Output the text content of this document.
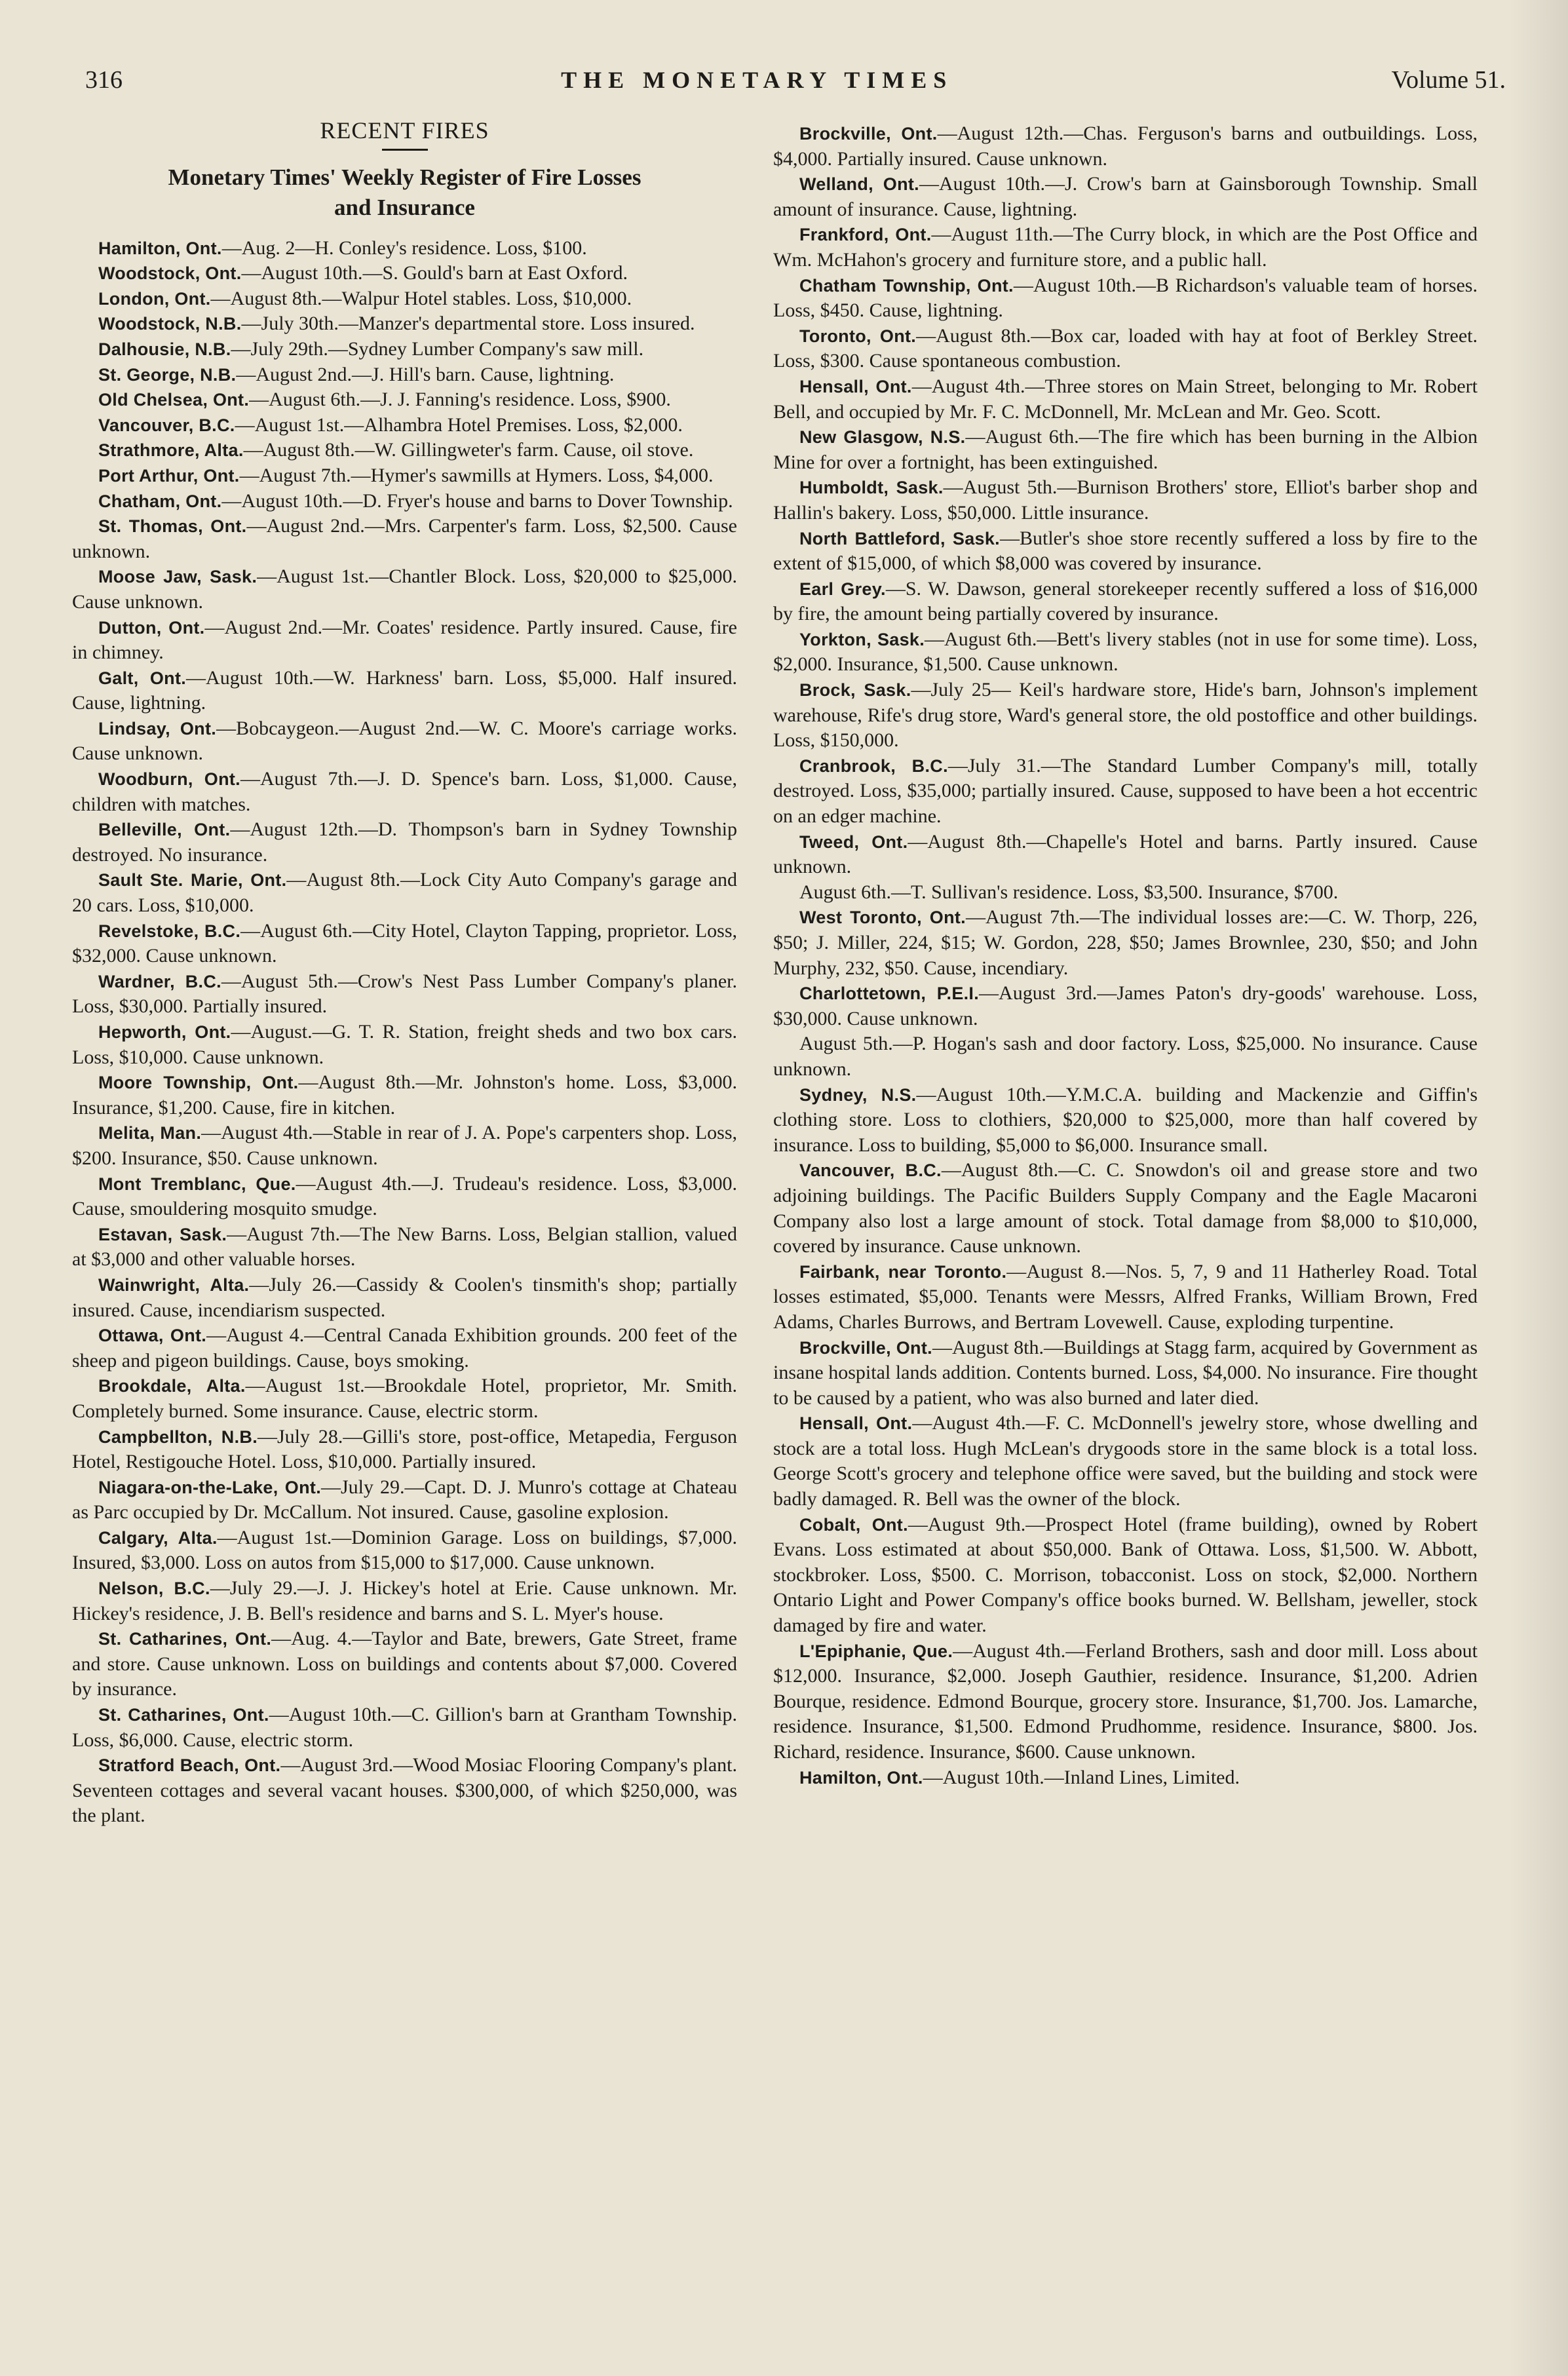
316	THE MONETARY TIMES	Volume 51.
RECENT FIRES
Monetary Times' Weekly Register of Fire Losses
and Insurance

Hamilton, Ont.—Aug. 2—H. Conley's residence. Loss, $100.

Woodstock, Ont.—August 10th.—S. Gould's barn at East Oxford.

London, Ont.—August 8th.—Walpur Hotel stables. Loss, $10,000.

Woodstock, N.B.—July 30th.—Manzer's departmental store. Loss insured.

Dalhousie, N.B.—July 29th.—Sydney Lumber Company's saw mill.

St. George, N.B.—August 2nd.—J. Hill's barn. Cause, lightning.

Old Chelsea, Ont.—August 6th.—J. J. Fanning's residence. Loss, $900.

Vancouver, B.C.—August 1st.—Alhambra Hotel Premises. Loss, $2,000.

Strathmore, Alta.—August 8th.—W. Gillingweter's farm. Cause, oil stove.

Port Arthur, Ont.—August 7th.—Hymer's sawmills at Hymers. Loss, $4,000.

Chatham, Ont.—August 10th.—D. Fryer's house and barns to Dover Township.

St. Thomas, Ont.—August 2nd.—Mrs. Carpenter's farm. Loss, $2,500. Cause unknown.

Moose Jaw, Sask.—August 1st.—Chantler Block. Loss, $20,000 to $25,000. Cause unknown.

Dutton, Ont.—August 2nd.—Mr. Coates' residence. Partly insured. Cause, fire in chimney.

Galt, Ont.—August 10th.—W. Harkness' barn. Loss, $5,000. Half insured. Cause, lightning.

Lindsay, Ont.—Bobcaygeon.—August 2nd.—W. C. Moore's carriage works. Cause unknown.

Woodburn, Ont.—August 7th.—J. D. Spence's barn. Loss, $1,000. Cause, children with matches.

Belleville, Ont.—August 12th.—D. Thompson's barn in Sydney Township destroyed. No insurance.

Sault Ste. Marie, Ont.—August 8th.—Lock City Auto Company's garage and 20 cars. Loss, $10,000.

Revelstoke, B.C.—August 6th.—City Hotel, Clayton Tapping, proprietor. Loss, $32,000. Cause unknown.

Wardner, B.C.—August 5th.—Crow's Nest Pass Lumber Company's planer. Loss, $30,000. Partially insured.

Hepworth, Ont.—August.—G. T. R. Station, freight sheds and two box cars. Loss, $10,000. Cause unknown.

Moore Township, Ont.—August 8th.—Mr. Johnston's home. Loss, $3,000. Insurance, $1,200. Cause, fire in kitchen.

Melita, Man.—August 4th.—Stable in rear of J. A. Pope's carpenters shop. Loss, $200. Insurance, $50. Cause unknown.

Mont Tremblanc, Que.—August 4th.—J. Trudeau's residence. Loss, $3,000. Cause, smouldering mosquito smudge.

Estavan, Sask.—August 7th.—The New Barns. Loss, Belgian stallion, valued at $3,000 and other valuable horses.

Wainwright, Alta.—July 26.—Cassidy & Coolen's tinsmith's shop; partially insured. Cause, incendiarism suspected.

Ottawa, Ont.—August 4.—Central Canada Exhibition grounds. 200 feet of the sheep and pigeon buildings. Cause, boys smoking.

Brookdale, Alta.—August 1st.—Brookdale Hotel, proprietor, Mr. Smith. Completely burned. Some insurance. Cause, electric storm.

Campbellton, N.B.—July 28.—Gilli's store, post-office, Metapedia, Ferguson Hotel, Restigouche Hotel. Loss, $10,000. Partially insured.

Niagara-on-the-Lake, Ont.—July 29.—Capt. D. J. Munro's cottage at Chateau as Parc occupied by Dr. McCallum. Not insured. Cause, gasoline explosion.

Calgary, Alta.—August 1st.—Dominion Garage. Loss on buildings, $7,000. Insured, $3,000. Loss on autos from $15,000 to $17,000. Cause unknown.

Nelson, B.C.—July 29.—J. J. Hickey's hotel at Erie. Cause unknown. Mr. Hickey's residence, J. B. Bell's residence and barns and S. L. Myer's house.

St. Catharines, Ont.—Aug. 4.—Taylor and Bate, brewers, Gate Street, frame and store. Cause unknown. Loss on buildings and contents about $7,000. Covered by insurance.

St. Catharines, Ont.—August 10th.—C. Gillion's barn at Grantham Township. Loss, $6,000. Cause, electric storm.

Stratford Beach, Ont.—August 3rd.—Wood Mosiac Flooring Company's plant. Seventeen cottages and several vacant houses. $300,000, of which $250,000, was the plant.

Brockville, Ont.—August 12th.—Chas. Ferguson's barns and outbuildings. Loss, $4,000. Partially insured. Cause unknown.

Welland, Ont.—August 10th.—J. Crow's barn at Gainsborough Township. Small amount of insurance. Cause, lightning.

Frankford, Ont.—August 11th.—The Curry block, in which are the Post Office and Wm. McHahon's grocery and furniture store, and a public hall.

Chatham Township, Ont.—August 10th.—B Richardson's valuable team of horses. Loss, $450. Cause, lightning.

Toronto, Ont.—August 8th.—Box car, loaded with hay at foot of Berkley Street. Loss, $300. Cause spontaneous combustion.

Hensall, Ont.—August 4th.—Three stores on Main Street, belonging to Mr. Robert Bell, and occupied by Mr. F. C. McDonnell, Mr. McLean and Mr. Geo. Scott.

New Glasgow, N.S.—August 6th.—The fire which has been burning in the Albion Mine for over a fortnight, has been extinguished.

Humboldt, Sask.—August 5th.—Burnison Brothers' store, Elliot's barber shop and Hallin's bakery. Loss, $50,000. Little insurance.

North Battleford, Sask.—Butler's shoe store recently suffered a loss by fire to the extent of $15,000, of which $8,000 was covered by insurance.

Earl Grey.—S. W. Dawson, general storekeeper recently suffered a loss of $16,000 by fire, the amount being partially covered by insurance.

Yorkton, Sask.—August 6th.—Bett's livery stables (not in use for some time). Loss, $2,000. Insurance, $1,500. Cause unknown.

Brock, Sask.—July 25— Keil's hardware store, Hide's barn, Johnson's implement warehouse, Rife's drug store, Ward's general store, the old postoffice and other buildings. Loss, $150,000.

Cranbrook, B.C.—July 31.—The Standard Lumber Company's mill, totally destroyed. Loss, $35,000; partially insured. Cause, supposed to have been a hot eccentric on an edger machine.

Tweed, Ont.—August 8th.—Chapelle's Hotel and barns. Partly insured. Cause unknown.

August 6th.—T. Sullivan's residence. Loss, $3,500. Insurance, $700.

West Toronto, Ont.—August 7th.—The individual losses are:—C. W. Thorp, 226, $50; J. Miller, 224, $15; W. Gordon, 228, $50; James Brownlee, 230, $50; and John Murphy, 232, $50. Cause, incendiary.

Charlottetown, P.E.I.—August 3rd.—James Paton's dry-goods' warehouse. Loss, $30,000. Cause unknown.

August 5th.—P. Hogan's sash and door factory. Loss, $25,000. No insurance. Cause unknown.

Sydney, N.S.—August 10th.—Y.M.C.A. building and Mackenzie and Giffin's clothing store. Loss to clothiers, $20,000 to $25,000, more than half covered by insurance. Loss to building, $5,000 to $6,000. Insurance small.

Vancouver, B.C.—August 8th.—C. C. Snowdon's oil and grease store and two adjoining buildings. The Pacific Builders Supply Company and the Eagle Macaroni Company also lost a large amount of stock. Total damage from $8,000 to $10,000, covered by insurance. Cause unknown.

Fairbank, near Toronto.—August 8.—Nos. 5, 7, 9 and 11 Hatherley Road. Total losses estimated, $5,000. Tenants were Messrs, Alfred Franks, William Brown, Fred Adams, Charles Burrows, and Bertram Lovewell. Cause, exploding turpentine.

Brockville, Ont.—August 8th.—Buildings at Stagg farm, acquired by Government as insane hospital lands addition. Contents burned. Loss, $4,000. No insurance. Fire thought to be caused by a patient, who was also burned and later died.

Hensall, Ont.—August 4th.—F. C. McDonnell's jewelry store, whose dwelling and stock are a total loss. Hugh McLean's drygoods store in the same block is a total loss. George Scott's grocery and telephone office were saved, but the building and stock were badly damaged. R. Bell was the owner of the block.

Cobalt, Ont.—August 9th.—Prospect Hotel (frame building), owned by Robert Evans. Loss estimated at about $50,000. Bank of Ottawa. Loss, $1,500. W. Abbott, stockbroker. Loss, $500. C. Morrison, tobacconist. Loss on stock, $2,000. Northern Ontario Light and Power Company's office books burned. W. Bellsham, jeweller, stock damaged by fire and water.

L'Epiphanie, Que.—August 4th.—Ferland Brothers, sash and door mill. Loss about $12,000. Insurance, $2,000. Joseph Gauthier, residence. Insurance, $1,200. Adrien Bourque, residence. Edmond Bourque, grocery store. Insurance, $1,700. Jos. Lamarche, residence. Insurance, $1,500. Edmond Prudhomme, residence. Insurance, $800. Jos. Richard, residence. Insurance, $600. Cause unknown.

Hamilton, Ont.—August 10th.—Inland Lines, Limited.
